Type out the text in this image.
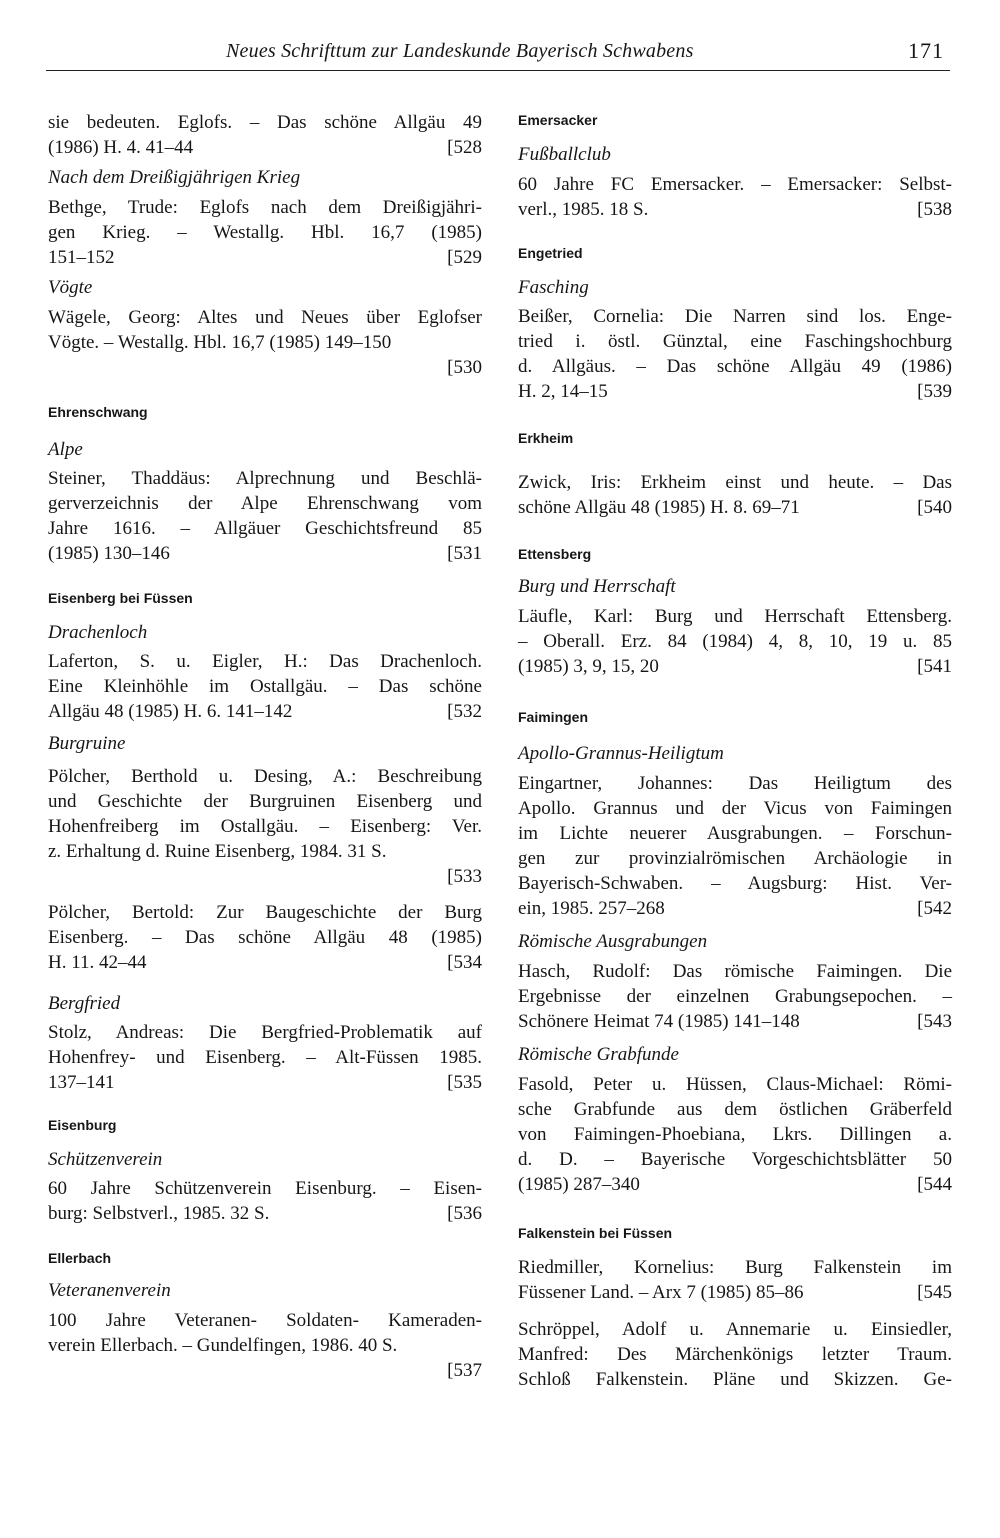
Neues Schrifttum zur Landeskunde Bayerisch Schwabens	171
sie bedeuten. Eglofs. – Das schöne Allgäu 49
(1986) H. 4. 41–44	[528

Nach dem Dreißigjährigen Krieg

Bethge, Trude: Eglofs nach dem Dreißigjähri-
gen Krieg. – Westallg. Hbl. 16,7 (1985)
151–152	[529

Vögte

Wägele, Georg: Altes und Neues über Eglofser
Vögte. – Westallg. Hbl. 16,7 (1985) 149–150

[530

Ehrenschwang

Alpe

Steiner, Thaddäus: Alprechnung und Beschlä-
gerverzeichnis der Alpe Ehrenschwang vom
Jahre 1616. – Allgäuer Geschichtsfreund 85
(1985) 130–146	[531

Eisenberg bei Füssen

Drachenloch

Laferton, S. u. Eigler, H.: Das Drachenloch.
Eine Kleinhöhle im Ostallgäu. – Das schöne
Allgäu 48 (1985) H. 6. 141–142	[532

Burgruine

Pölcher, Berthold u. Desing, A.: Beschreibung
und Geschichte der Burgruinen Eisenberg und
Hohenfreiberg im Ostallgäu. – Eisenberg: Ver.
z. Erhaltung d. Ruine Eisenberg, 1984. 31 S.

[533

Pölcher, Bertold: Zur Baugeschichte der Burg
Eisenberg. – Das schöne Allgäu 48 (1985)
H. 11. 42–44	[534

Bergfried

Stolz, Andreas: Die Bergfried-Problematik auf
Hohenfrey- und Eisenberg. – Alt-Füssen 1985.
137–141	[535

Eisenburg

Schützenverein

60 Jahre Schützenverein Eisenburg. – Eisen-
burg: Selbstverl., 1985. 32 S.	[536

Ellerbach

Veteranenverein

100 Jahre Veteranen- Soldaten- Kameraden-
verein Ellerbach. – Gundelfingen, 1986. 40 S.

[537

Emersacker

Fußballclub

60 Jahre FC Emersacker. – Emersacker: Selbst-
verl., 1985. 18 S.	[538

Engetried

Fasching

Beißer, Cornelia: Die Narren sind los. Enge-
tried i. östl. Günztal, eine Faschingshochburg
d. Allgäus. – Das schöne Allgäu 49 (1986)
H. 2, 14–15	[539

Erkheim

Zwick, Iris: Erkheim einst und heute. – Das
schöne Allgäu 48 (1985) H. 8. 69–71	[540

Ettensberg

Burg und Herrschaft

Läufle, Karl: Burg und Herrschaft Ettensberg.
– Oberall. Erz. 84 (1984) 4, 8, 10, 19 u. 85
(1985) 3, 9, 15, 20	[541

Faimingen

Apollo-Grannus-Heiligtum

Eingartner, Johannes: Das Heiligtum des
Apollo. Grannus und der Vicus von Faimingen
im Lichte neuerer Ausgrabungen. – Forschun-
gen zur provinzialrömischen Archäologie in
Bayerisch-Schwaben. – Augsburg: Hist. Ver-
ein, 1985. 257–268	[542

Römische Ausgrabungen

Hasch, Rudolf: Das römische Faimingen. Die
Ergebnisse der einzelnen Grabungsepochen. –
Schönere Heimat 74 (1985) 141–148	[543

Römische Grabfunde

Fasold, Peter u. Hüssen, Claus-Michael: Römi-
sche Grabfunde aus dem östlichen Gräberfeld
von Faimingen-Phoebiana, Lkrs. Dillingen a.
d. D. – Bayerische Vorgeschichtsblätter 50
(1985) 287–340	[544

Falkenstein bei Füssen

Riedmiller, Kornelius: Burg Falkenstein im
Füssener Land. – Arx 7 (1985) 85–86	[545
Schröppel, Adolf u. Annemarie u. Einsiedler,
Manfred: Des Märchenkönigs letzter Traum.
Schloß Falkenstein. Pläne und Skizzen. Ge-
